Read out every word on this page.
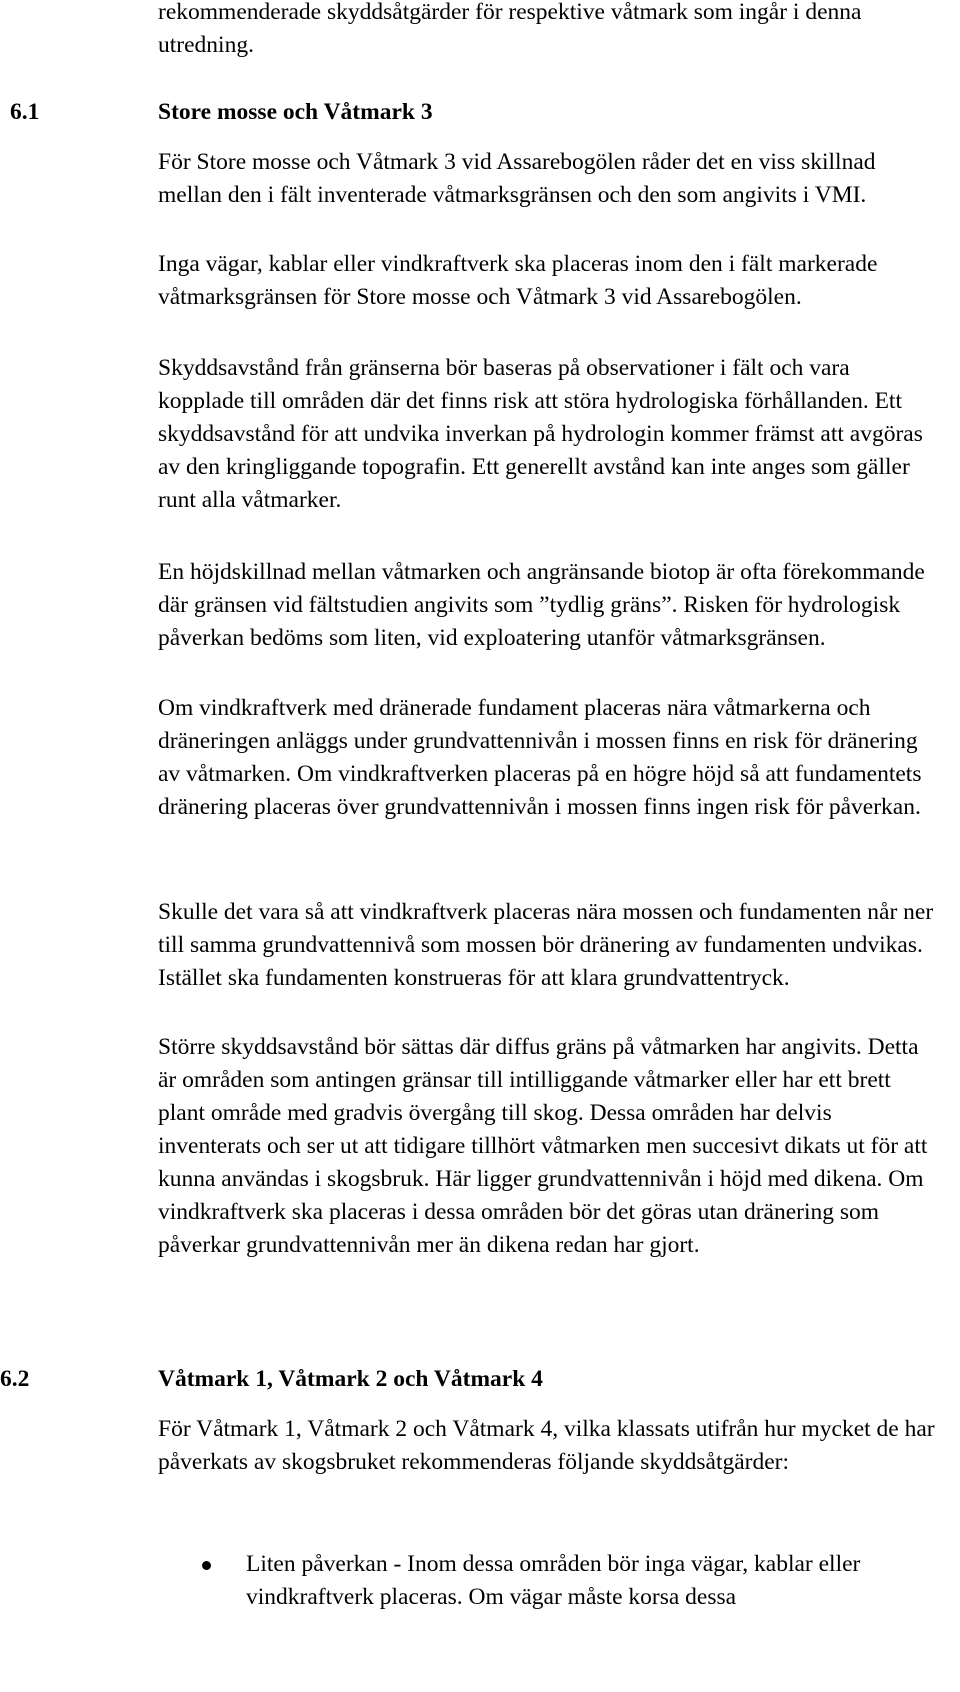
rekommenderade skyddsåtgärder för respektive våtmark som ingår i denna utredning.

6.1	Store mosse och Våtmark 3

För Store mosse och Våtmark 3 vid Assarebogölen råder det en viss skillnad mellan den i fält inventerade våtmarksgränsen och den som angivits i VMI.

Inga vägar, kablar eller vindkraftverk ska placeras inom den i fält markerade våtmarksgränsen för Store mosse och Våtmark 3 vid Assarebogölen.

Skyddsavstånd från gränserna bör baseras på observationer i fält och vara kopplade till områden där det finns risk att störa hydrologiska förhållanden. Ett skyddsavstånd för att undvika inverkan på hydrologin kommer främst att avgöras av den kringliggande topografin. Ett generellt avstånd kan inte anges som gäller runt alla våtmarker.

En höjdskillnad mellan våtmarken och angränsande biotop är ofta förekommande där gränsen vid fältstudien angivits som ”tydlig gräns”. Risken för hydrologisk påverkan bedöms som liten, vid exploatering utanför våtmarksgränsen.

Om vindkraftverk med dränerade fundament placeras nära våtmarkerna och dräneringen anläggs under grundvattennivån i mossen finns en risk för dränering av våtmarken. Om vindkraftverken placeras på en högre höjd så att fundamentets dränering placeras över grundvattennivån i mossen finns ingen risk för påverkan.

Skulle det vara så att vindkraftverk placeras nära mossen och fundamenten når ner till samma grundvattennivå som mossen bör dränering av fundamenten undvikas. Istället ska fundamenten konstrueras för att klara grundvattentryck.

Större skyddsavstånd bör sättas där diffus gräns på våtmarken har angivits. Detta är områden som antingen gränsar till intilliggande våtmarker eller har ett brett plant område med gradvis övergång till skog. Dessa områden har delvis inventerats och ser ut att tidigare tillhört våtmarken men succesivt dikats ut för att kunna användas i skogsbruk. Här ligger grundvattennivån i höjd med dikena. Om vindkraftverk ska placeras i dessa områden bör det göras utan dränering som påverkar grundvattennivån mer än dikena redan har gjort.

6.2	Våtmark 1, Våtmark 2 och Våtmark 4

För Våtmark 1, Våtmark 2 och Våtmark 4, vilka klassats utifrån hur mycket de har påverkats av skogsbruket rekommenderas följande skyddsåtgärder:

Liten påverkan - Inom dessa områden bör inga vägar, kablar eller vindkraftverk placeras. Om vägar måste korsa dessa
